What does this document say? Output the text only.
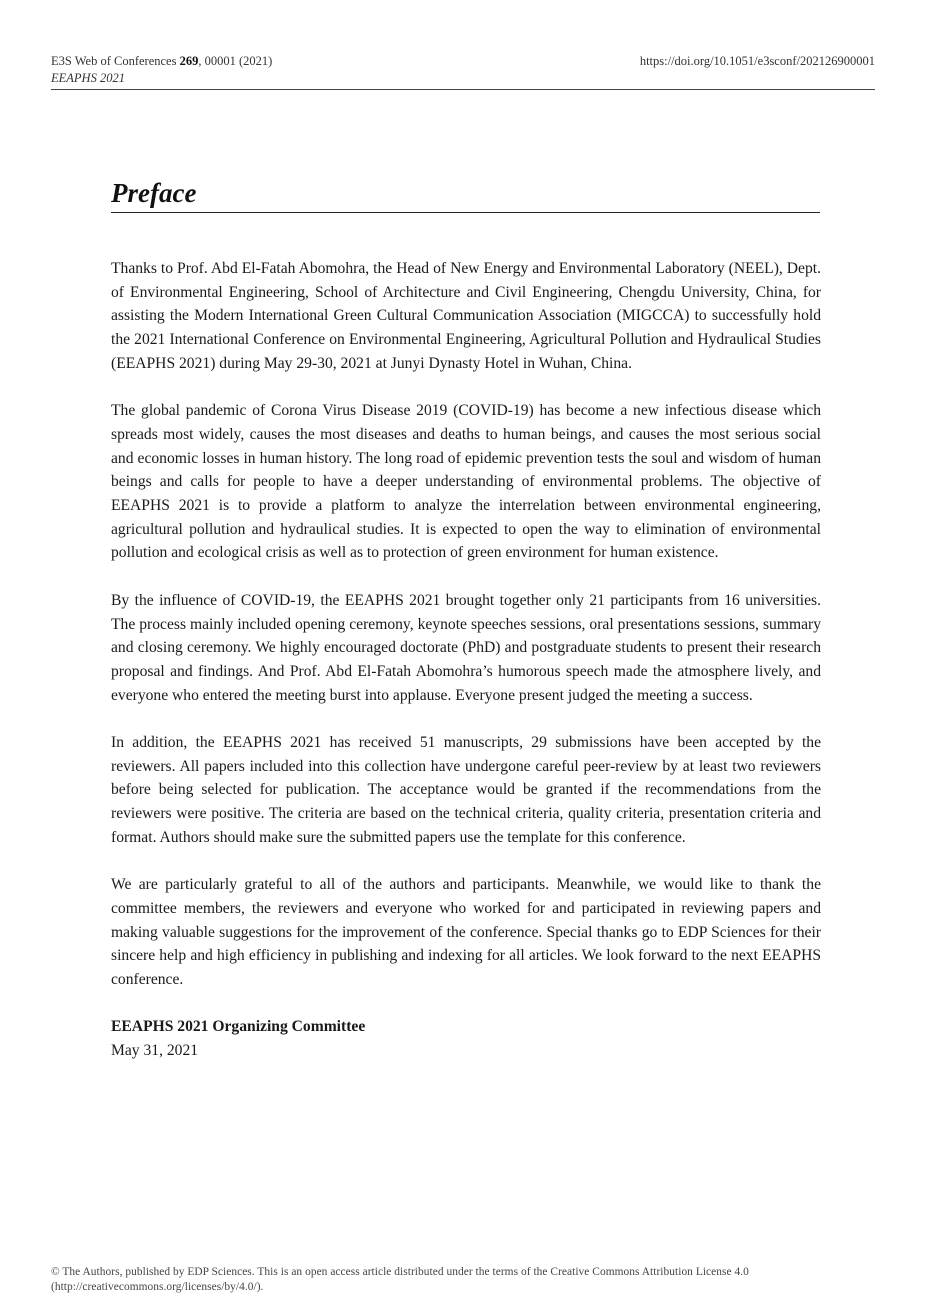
E3S Web of Conferences 269, 00001 (2021)
EEAPHS 2021
https://doi.org/10.1051/e3sconf/202126900001
Preface

Thanks to Prof. Abd El-Fatah Abomohra, the Head of New Energy and Environmental Laboratory (NEEL), Dept. of Environmental Engineering, School of Architecture and Civil Engineering, Chengdu University, China, for assisting the Modern International Green Cultural Communication Association (MIGCCA) to successfully hold the 2021 International Conference on Environmental Engineering, Agricultural Pollution and Hydraulical Studies (EEAPHS 2021) during May 29-30, 2021 at Junyi Dynasty Hotel in Wuhan, China.

The global pandemic of Corona Virus Disease 2019 (COVID-19) has become a new infectious disease which spreads most widely, causes the most diseases and deaths to human beings, and causes the most serious social and economic losses in human history. The long road of epidemic prevention tests the soul and wisdom of human beings and calls for people to have a deeper understanding of environmental problems. The objective of EEAPHS 2021 is to provide a platform to analyze the interrelation between environmental engineering, agricultural pollution and hydraulical studies. It is expected to open the way to elimination of environmental pollution and ecological crisis as well as to protection of green environment for human existence.

By the influence of COVID-19, the EEAPHS 2021 brought together only 21 participants from 16 universities. The process mainly included opening ceremony, keynote speeches sessions, oral presentations sessions, summary and closing ceremony. We highly encouraged doctorate (PhD) and postgraduate students to present their research proposal and findings. And Prof. Abd El-Fatah Abomohra’s humorous speech made the atmosphere lively, and everyone who entered the meeting burst into applause. Everyone present judged the meeting a success.

In addition, the EEAPHS 2021 has received 51 manuscripts, 29 submissions have been accepted by the reviewers. All papers included into this collection have undergone careful peer-review by at least two reviewers before being selected for publication. The acceptance would be granted if the recommendations from the reviewers were positive. The criteria are based on the technical criteria, quality criteria, presentation criteria and format. Authors should make sure the submitted papers use the template for this conference.

We are particularly grateful to all of the authors and participants. Meanwhile, we would like to thank the committee members, the reviewers and everyone who worked for and participated in reviewing papers and making valuable suggestions for the improvement of the conference. Special thanks go to EDP Sciences for their sincere help and high efficiency in publishing and indexing for all articles. We look forward to the next EEAPHS conference.

EEAPHS 2021 Organizing Committee
May 31, 2021
© The Authors, published by EDP Sciences. This is an open access article distributed under the terms of the Creative Commons Attribution License 4.0
(http://creativecommons.org/licenses/by/4.0/).
